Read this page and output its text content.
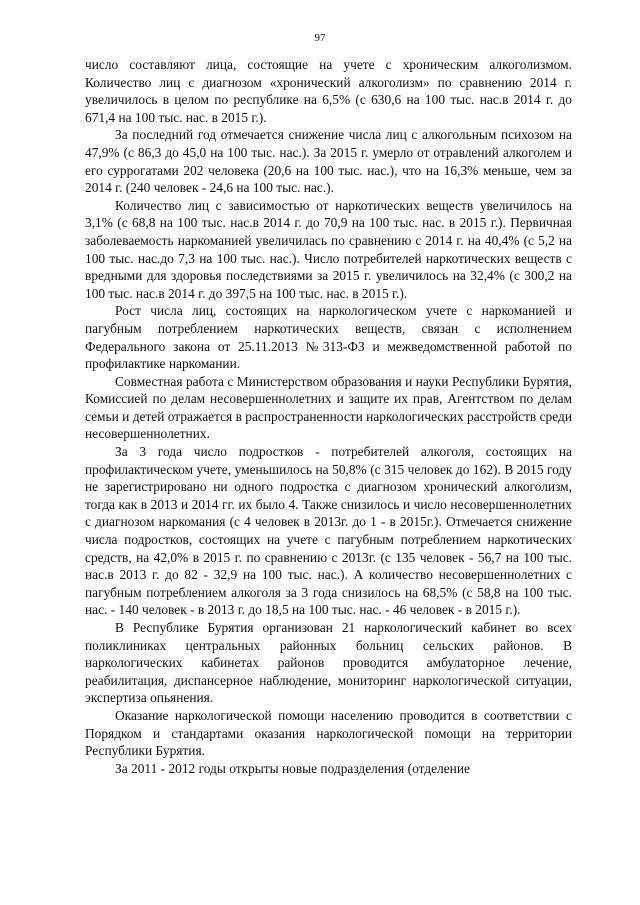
97

число составляют лица, состоящие на учете с хроническим алкоголизмом. Количество лиц с диагнозом «хронический алкоголизм» по сравнению 2014 г. увеличилось в целом по республике на 6,5% (с 630,6 на 100 тыс. нас.в 2014 г. до 671,4 на 100 тыс. нас. в 2015 г.).

За последний год отмечается снижение числа лиц с алкогольным психозом на 47,9% (с 86,3 до 45,0 на 100 тыс. нас.). За 2015 г. умерло от отравлений алкоголем и его суррогатами 202 человека (20,6 на 100 тыс. нас.), что на 16,3% меньше, чем за 2014 г. (240 человек - 24,6 на 100 тыс. нас.).

Количество лиц с зависимостью от наркотических веществ увеличилось на 3,1% (с 68,8 на 100 тыс. нас.в 2014 г. до 70,9 на 100 тыс. нас. в 2015 г.). Первичная заболеваемость наркоманией увеличилась по сравнению с 2014 г. на 40,4% (с 5,2 на 100 тыс. нас.до 7,3 на 100 тыс. нас.). Число потребителей наркотических веществ с вредными для здоровья последствиями за 2015 г. увеличилось на 32,4% (с 300,2 на 100 тыс. нас.в 2014 г. до 397,5 на 100 тыс. нас. в 2015 г.).

Рост числа лиц, состоящих на наркологическом учете с наркоманией и пагубным потреблением наркотических веществ, связан с исполнением Федерального закона от 25.11.2013 №313-ФЗ и межведомственной работой по профилактике наркомании.

Совместная работа с Министерством образования и науки Республики Бурятия, Комиссией по делам несовершеннолетних и защите их прав, Агентством по делам семьи и детей отражается в распространенности наркологических расстройств среди несовершеннолетних.

За 3 года число подростков - потребителей алкоголя, состоящих на профилактическом учете, уменьшилось на 50,8% (с 315 человек до 162). В 2015 году не зарегистрировано ни одного подростка с диагнозом хронический алкоголизм, тогда как в 2013 и 2014 гг. их было 4. Также снизилось и число несовершеннолетних с диагнозом наркомания (с 4 человек в 2013г. до 1 - в 2015г.). Отмечается снижение числа подростков, состоящих на учете с пагубным потреблением наркотических средств, на 42,0% в 2015 г. по сравнению с 2013г. (с 135 человек - 56,7 на 100 тыс. нас.в 2013 г. до 82 - 32,9 на 100 тыс. нас.). А количество несовершеннолетних с пагубным потреблением алкоголя за 3 года снизилось на 68,5% (с 58,8 на 100 тыс. нас. - 140 человек - в 2013 г. до 18,5 на 100 тыс. нас. - 46 человек - в 2015 г.).

В Республике Бурятия организован 21 наркологический кабинет во всех поликлиниках центральных районных больниц сельских районов. В наркологических кабинетах районов проводится амбулаторное лечение, реабилитация, диспансерное наблюдение, мониторинг наркологической ситуации, экспертиза опьянения.

Оказание наркологической помощи населению проводится в соответствии с Порядком и стандартами оказания наркологической помощи на территории Республики Бурятия.

За 2011 - 2012 годы открыты новые подразделения (отделение
